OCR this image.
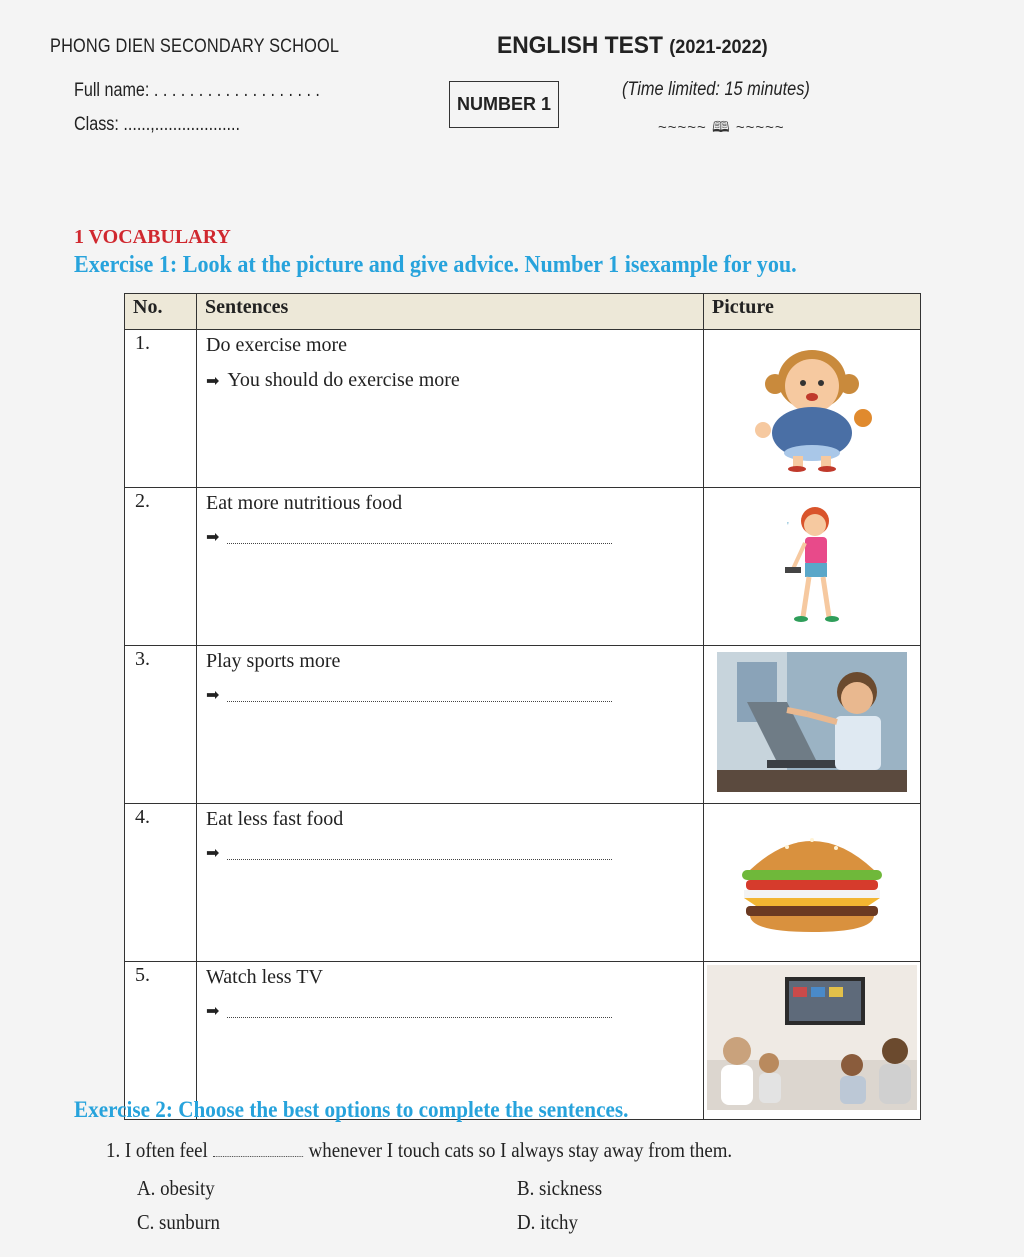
PHONG DIEN SECONDARY SCHOOL	ENGLISH TEST (2021-2022)
Full name: . . . . . . . . . . . . . . . . . . .
Class: ......,...................
NUMBER 1
(Time limited: 15 minutes)
~~~~~ 🕮 ~~~~~
1 VOCABULARY
Exercise 1: Look at the picture and give advice. Number 1 isexample for you.
No.	Sentences	Picture
1.	Do exercise more
➡ You should do exercise more

2.	Eat more nutritious food
➡	'

3.	Play sports more
➡

4.	Eat less fast food
➡

5.	Watch less TV
➡

Exercise 2: Choose the best options to complete the sentences.
1. I often feel	whenever I touch cats so I always stay away from them.
A. obesity	B. sickness
C. sunburn	D. itchy
